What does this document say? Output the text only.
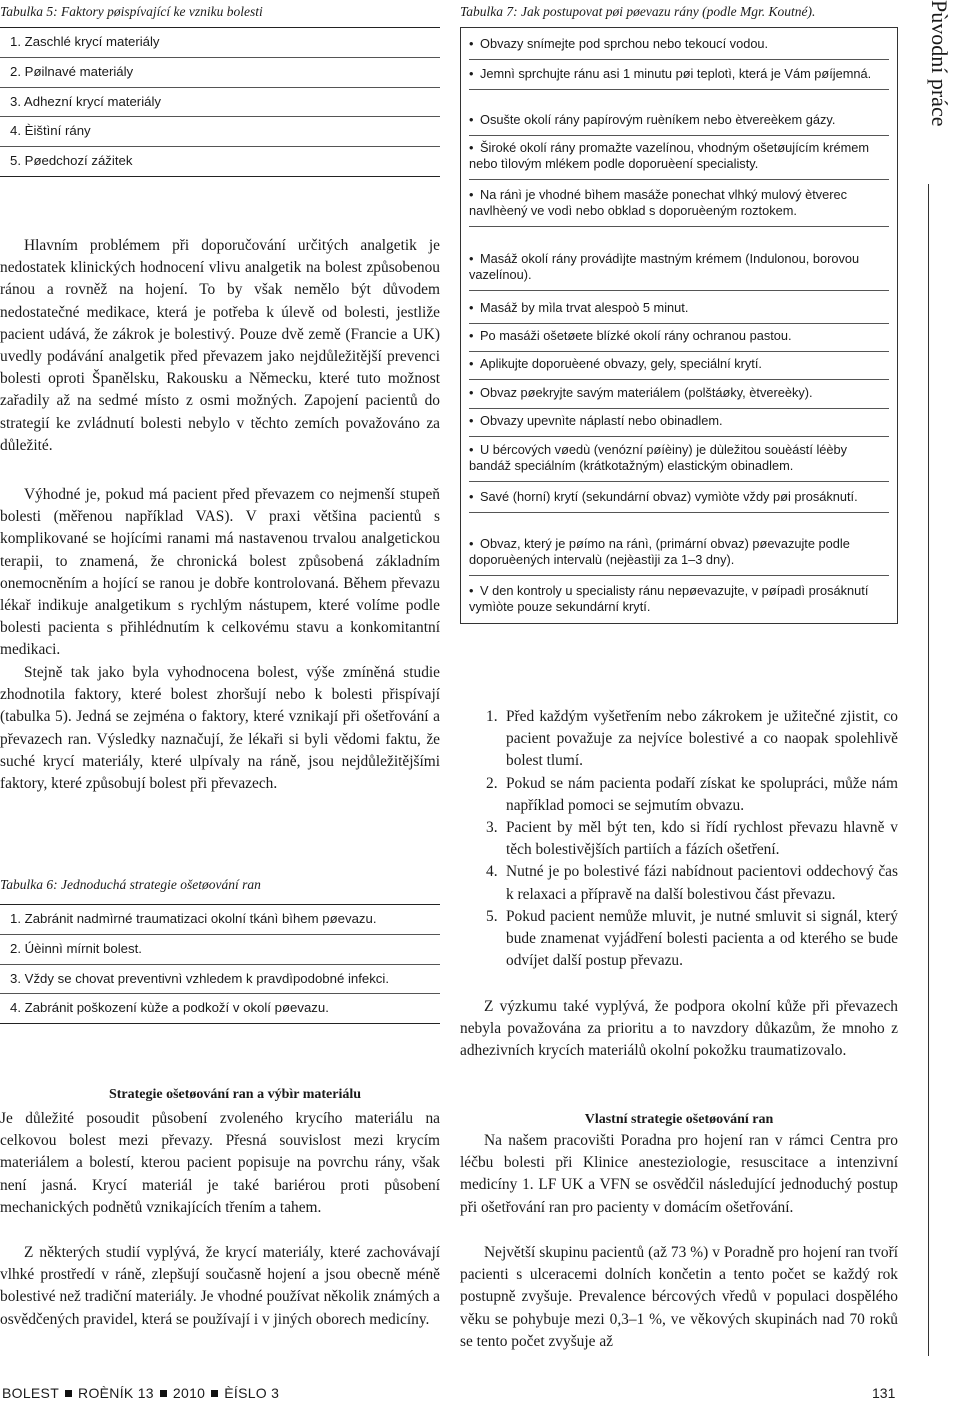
Tabulka 5: Faktory pøispívající ke vzniku bolesti

1. Zaschlé krycí materiály
2. Pøilnavé materiály
3. Adhezní krycí materiály
4. Èištìní rány
5. Pøedchozí zážitek

Hlavním problémem při doporučování určitých analgetik je nedostatek klinických hodnocení vlivu analgetik na bolest způsobenou ránou a rovněž na hojení. To by však nemělo být důvodem nedostatečné medikace, která je potřeba k úlevě od bolesti, jestliže pacient udává, že zákrok je bolestivý. Pouze dvě země (Francie a UK) uvedly podávání analgetik před převazem jako nejdůležitější prevenci bolesti oproti Španělsku, Rakousku a Německu, které tuto možnost zařadily až na sedmé místo z osmi možných. Zapojení pacientů do strategií ke zvládnutí bolesti nebylo v těchto zemích považováno za důležité.

Výhodné je, pokud má pacient před převazem co nejmenší stupeň bolesti (měřenou například VAS). V praxi většina pacientů s komplikované se hojícími ranami má nastavenou trvalou analgetickou terapii, to znamená, že chronická bolest způsobená základním onemocněním a hojící se ranou je dobře kontrolovaná. Během převazu lékař indikuje analgetikum s rychlým nástupem, které volíme podle bolesti pacienta s přihlédnutím k celkovému stavu a konkomitantní medikaci.

Stejně tak jako byla vyhodnocena bolest, výše zmíněná studie zhodnotila faktory, které bolest zhoršují nebo k bolesti přispívají (tabulka 5). Jedná se zejména o faktory, které vznikají při ošetřování a převazech ran. Výsledky naznačují, že lékaři si byli vědomi faktu, že suché krycí materiály, které ulpívaly na ráně, jsou nejdůležitějšími faktory, které způsobují bolest při převazech.

Tabulka 6: Jednoduchá strategie ošetøování ran

1. Zabránit nadmìrné traumatizaci okolní tkánì bìhem pøevazu.
2. Úèinnì mírnit bolest.
3. Vždy se chovat preventivnì vzhledem k pravdìpodobné infekci.
4. Zabránit poškození kùže a podkoží v okolí pøevazu.
Strategie ošetøování ran a výbìr materiálu

Je důležité posoudit působení zvoleného krycího materiálu na celkovou bolest mezi převazy. Přesná souvislost mezi krycím materiálem a bolestí, kterou pacient popisuje na povrchu rány, však není jasná. Krycí materiál je také bariérou proti působení mechanických podnětů vznikajících třením a tahem.

Z některých studií vyplývá, že krycí materiály, které zachovávají vlhké prostředí v ráně, zlepšují současně hojení a jsou obecně méně bolestivé než tradiční materiály. Je vhodné používat několik známých a osvědčených pravidel, která se používají i v jiných oborech medicíny.

Tabulka 7: Jak postupovat pøi pøevazu rány (podle Mgr. Koutné).

• Obvazy snímejte pod sprchou nebo tekoucí vodou.
• Jemnì sprchujte ránu asi 1 minutu pøi teplotì, která je Vám pøíjemná.
• Osušte okolí rány papírovým ruèníkem nebo ètvereèkem gázy.
• Široké okolí rány promažte vazelínou, vhodným ošetøujícím krémem nebo tìlovým mlékem podle doporuèení specialisty.
• Na ránì je vhodné bìhem masáže ponechat vlhký mulový ètverec navlhèený ve vodì nebo obklad s doporuèeným roztokem.
• Masáž okolí rány provádìjte mastným krémem (Indulonou, borovou vazelínou).
• Masáž by mìla trvat alespoò 5 minut.
• Po masáži ošetøete blízké okolí rány ochranou pastou.
• Aplikujte doporuèené obvazy, gely, speciální krytí.
• Obvaz pøekryjte savým materiálem (polštáøky, ètvereèky).
• Obvazy upevnìte náplastí nebo obinadlem.
• U bércových vøedù (venózní pøíèiny) je dùležitou souèástí léèby bandáž speciálním (krátkotažným) elastickým obinadlem.
• Savé (horní) krytí (sekundární obvaz) vymìòte vždy pøi prosáknutí.
• Obvaz, který je pøímo na ránì, (primární obvaz) pøevazujte podle doporuèených intervalù (nejèastìji za 1–3 dny).
• V den kontroly u specialisty ránu nepøevazujte, v pøípadì prosáknutí vymìòte pouze sekundární krytí.
1. Před každým vyšetřením nebo zákrokem je užitečné zjistit, co pacient považuje za nejvíce bolestivé a co naopak spolehlivě bolest tlumí.
2. Pokud se nám pacienta podaří získat ke spolupráci, může nám například pomoci se sejmutím obvazu.
3. Pacient by měl být ten, kdo si řídí rychlost převazu hlavně v těch bolestivějších partiích a fázích ošetření.
4. Nutné je po bolestivé fázi nabídnout pacientovi oddechový čas k relaxaci a přípravě na další bolestivou část převazu.
5. Pokud pacient nemůže mluvit, je nutné smluvit si signál, který bude znamenat vyjádření bolesti pacienta a od kterého se bude odvíjet další postup převazu.

Z výzkumu také vyplývá, že podpora okolní kůže při převazech nebyla považována za prioritu a to navzdory důkazům, že mnoho z adhezivních krycích materiálů okolní pokožku traumatizovalo.

Vlastní strategie ošetøování ran

Na našem pracovišti Poradna pro hojení ran v rámci Centra pro léčbu bolesti při Klinice anesteziologie, resuscitace a intenzivní medicíny 1. LF UK a VFN se osvědčil následující jednoduchý postup při ošetřování ran pro pacienty v domácím ošetřování.

Největší skupinu pacientů (až 73 %) v Poradně pro hojení ran tvoří pacienti s ulceracemi dolních končetin a tento počet se každý rok postupně zvyšuje. Prevalence bércových vředů v populaci dospělého věku se pohybuje mezi 0,3–1 %, ve věkových skupinách nad 70 roků se tento počet zvyšuje až

Pùvodní práce
BOLEST ROÈNÍK 13 2010 ÈÍSLO 3	131
